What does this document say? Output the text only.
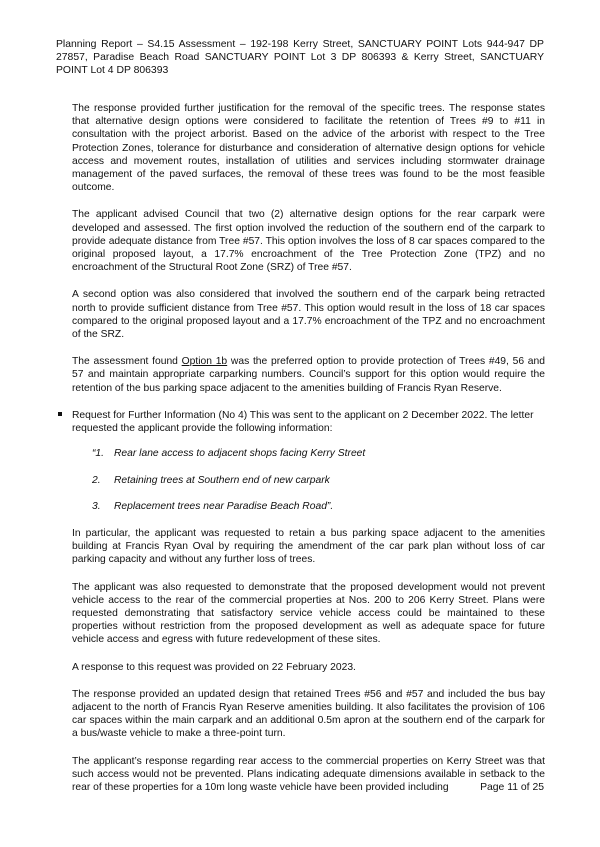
Planning Report – S4.15 Assessment – 192-198 Kerry Street, SANCTUARY POINT Lots 944-947 DP 27857, Paradise Beach Road SANCTUARY POINT Lot 3 DP 806393 & Kerry Street, SANCTUARY POINT Lot 4 DP 806393

The response provided further justification for the removal of the specific trees. The response states that alternative design options were considered to facilitate the retention of Trees #9 to #11 in consultation with the project arborist. Based on the advice of the arborist with respect to the Tree Protection Zones, tolerance for disturbance and consideration of alternative design options for vehicle access and movement routes, installation of utilities and services including stormwater drainage management of the paved surfaces, the removal of these trees was found to be the most feasible outcome.

The applicant advised Council that two (2) alternative design options for the rear carpark were developed and assessed. The first option involved the reduction of the southern end of the carpark to provide adequate distance from Tree #57. This option involves the loss of 8 car spaces compared to the original proposed layout, a 17.7% encroachment of the Tree Protection Zone (TPZ) and no encroachment of the Structural Root Zone (SRZ) of Tree #57.

A second option was also considered that involved the southern end of the carpark being retracted north to provide sufficient distance from Tree #57. This option would result in the loss of 18 car spaces compared to the original proposed layout and a 17.7% encroachment of the TPZ and no encroachment of the SRZ.

The assessment found Option 1b was the preferred option to provide protection of Trees #49, 56 and 57 and maintain appropriate carparking numbers. Council’s support for this option would require the retention of the bus parking space adjacent to the amenities building of Francis Ryan Reserve.

Request for Further Information (No 4) This was sent to the applicant on 2 December 2022. The letter requested the applicant provide the following information:
“1. Rear lane access to adjacent shops facing Kerry Street
2. Retaining trees at Southern end of new carpark
3. Replacement trees near Paradise Beach Road”.

In particular, the applicant was requested to retain a bus parking space adjacent to the amenities building at Francis Ryan Oval by requiring the amendment of the car park plan without loss of car parking capacity and without any further loss of trees.

The applicant was also requested to demonstrate that the proposed development would not prevent vehicle access to the rear of the commercial properties at Nos. 200 to 206 Kerry Street. Plans were requested demonstrating that satisfactory service vehicle access could be maintained to these properties without restriction from the proposed development as well as adequate space for future vehicle access and egress with future redevelopment of these sites.

A response to this request was provided on 22 February 2023.

The response provided an updated design that retained Trees #56 and #57 and included the bus bay adjacent to the north of Francis Ryan Reserve amenities building. It also facilitates the provision of 106 car spaces within the main carpark and an additional 0.5m apron at the southern end of the carpark for a bus/waste vehicle to make a three-point turn.

The applicant’s response regarding rear access to the commercial properties on Kerry Street was that such access would not be prevented. Plans indicating adequate dimensions available in setback to the rear of these properties for a 10m long waste vehicle have been provided including	Page 11 of 25
